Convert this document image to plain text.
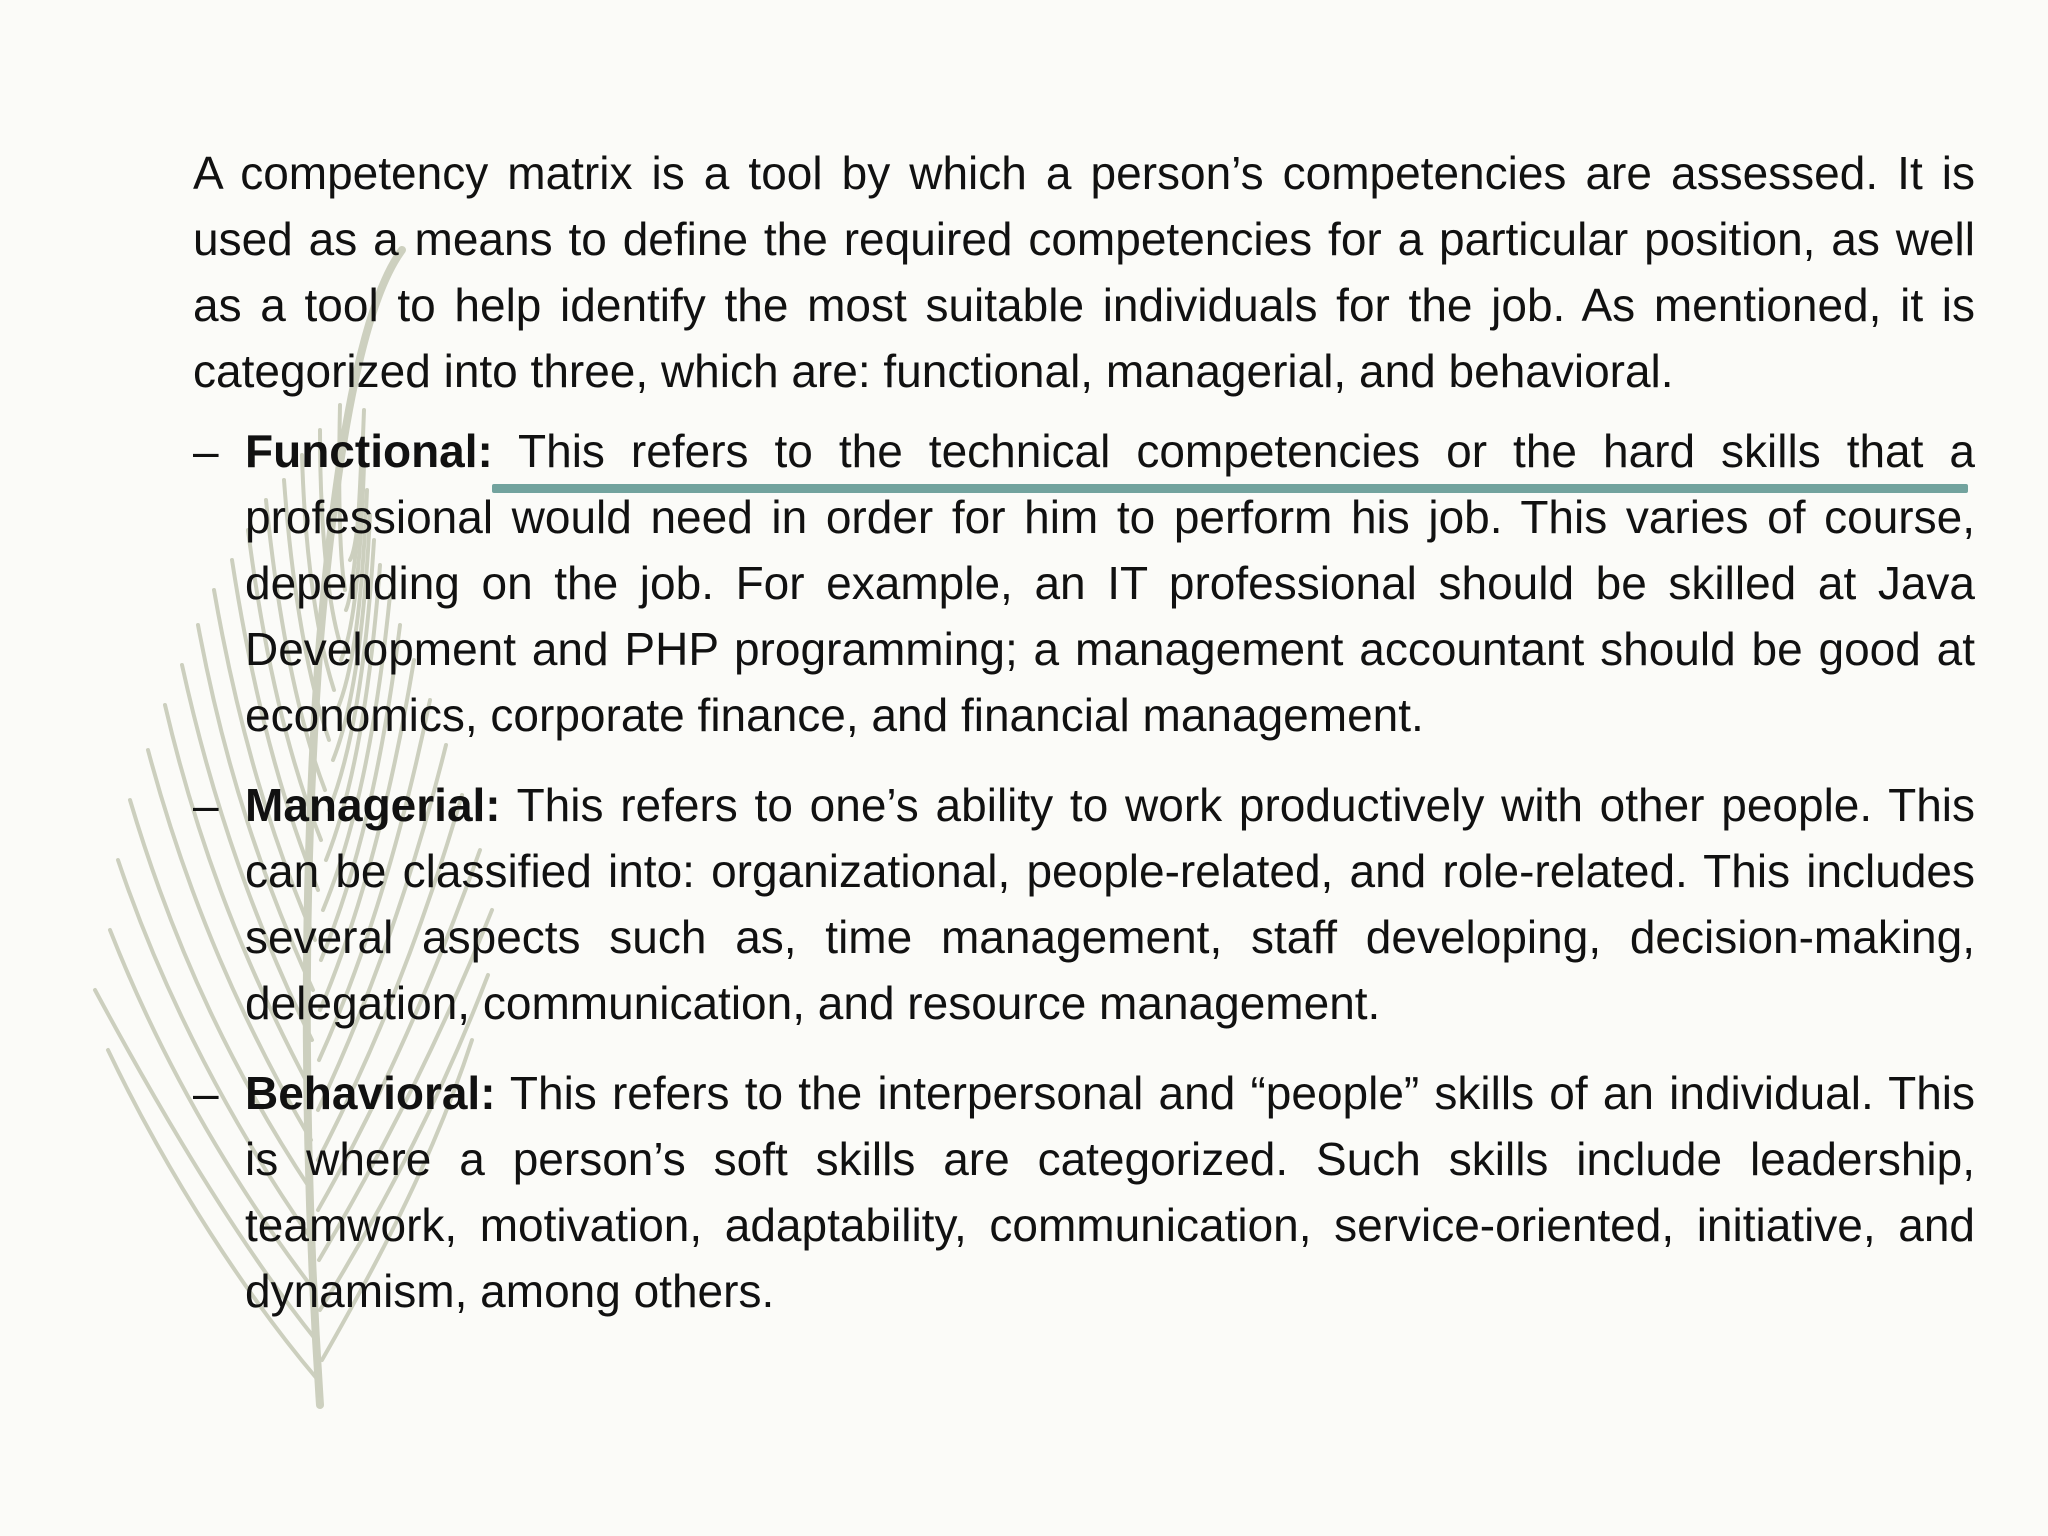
A competency matrix is a tool by which a person’s competencies are assessed. It is used as a means to define the required competencies for a particular position, as well as a tool to help identify the most suitable individuals for the job. As mentioned, it is categorized into three, which are: functional, managerial, and behavioral.

– Functional: This refers to the technical competencies or the hard skills that a professional would need in order for him to perform his job. This varies of course, depending on the job. For example, an IT professional should be skilled at Java Development and PHP programming; a management accountant should be good at economics, corporate finance, and financial management.
– Managerial: This refers to one’s ability to work productively with other people. This can be classified into: organizational, people-related, and role-related. This includes several aspects such as, time management, staff developing, decision-making, delegation, communication, and resource management.
– Behavioral: This refers to the interpersonal and “people” skills of an individual. This is where a person’s soft skills are categorized. Such skills include leadership, teamwork, motivation, adaptability, communication, service-oriented, initiative, and dynamism, among others.
